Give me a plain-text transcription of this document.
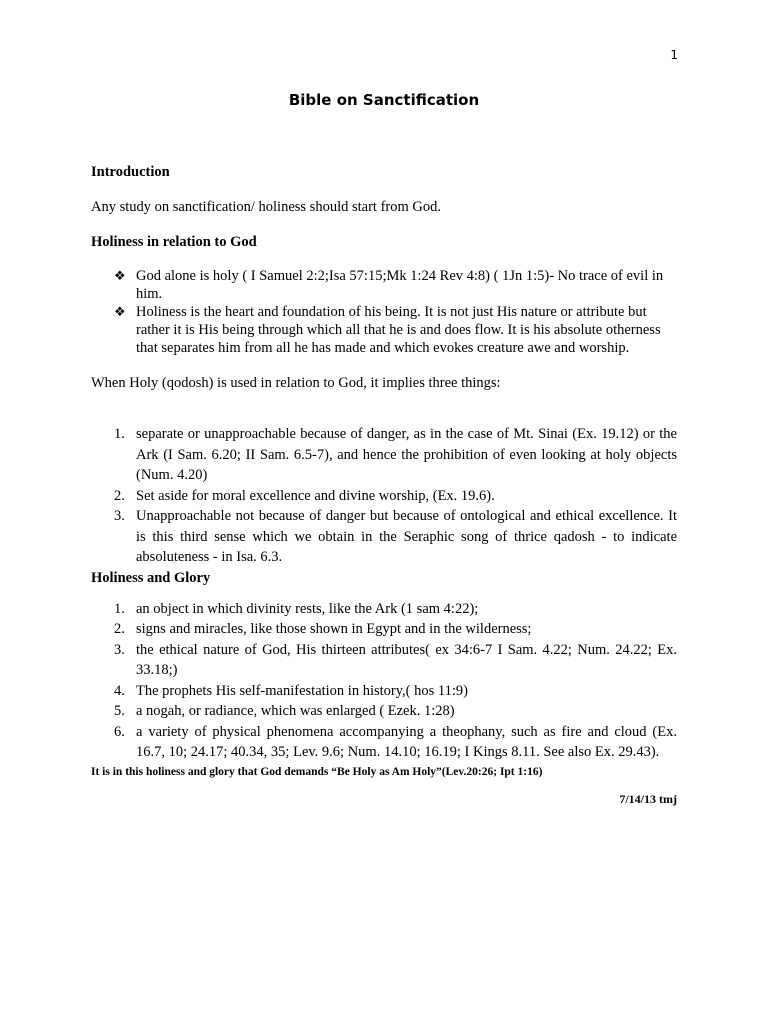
1
Bible on Sanctification
Introduction

Any study on sanctification/ holiness should start from God.

Holiness in relation to God
❖ God alone is holy ( I Samuel 2:2;Isa 57:15;Mk 1:24 Rev 4:8) ( 1Jn 1:5)- No trace of evil in him.
❖ Holiness is the heart and foundation of his being. It is not just His nature or attribute but rather it is His being through which all that he is and does flow. It is his absolute otherness that separates him from all he has made and which evokes creature awe and worship.

When Holy (qodosh) is used in relation to God, it implies three things:

1. separate or unapproachable because of danger, as in the case of Mt. Sinai (Ex. 19.12) or the Ark (I Sam. 6.20; II Sam. 6.5-7), and hence the prohibition of even looking at holy objects (Num. 4.20)
2. Set aside for moral excellence and divine worship, (Ex. 19.6).
3. Unapproachable not because of danger but because of ontological and ethical excellence. It is this third sense which we obtain in the Seraphic song of thrice qadosh - to indicate absoluteness - in Isa. 6.3.
Holiness and Glory
1. an object in which divinity rests, like the Ark (1 sam 4:22);
2. signs and miracles, like those shown in Egypt and in the wilderness;
3. the ethical nature of God, His thirteen attributes( ex 34:6-7 I Sam. 4.22; Num. 24.22; Ex. 33.18;)
4. The prophets His self-manifestation in history,( hos 11:9)
5. a nogah, or radiance, which was enlarged ( Ezek. 1:28)
6. a variety of physical phenomena accompanying a theophany, such as fire and cloud (Ex. 16.7, 10; 24.17; 40.34, 35; Lev. 9.6; Num. 14.10; 16.19; I Kings 8.11. See also Ex. 29.43).

It is in this holiness and glory that God demands “Be Holy as Am Holy”(Lev.20:26; Ipt 1:16)

7/14/13 tmj
